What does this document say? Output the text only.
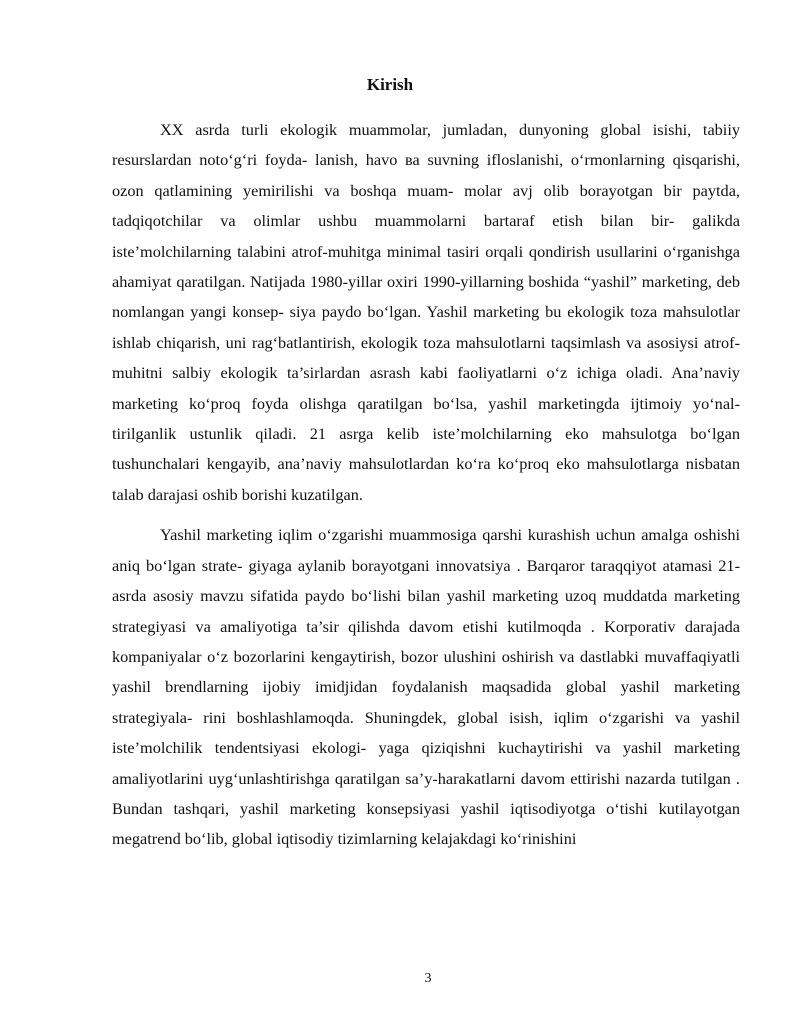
Kirish

XX asrda turli ekologik muammolar, jumladan, dunyoning global isishi, tabiiy resurslardan noto‘g‘ri foyda- lanish, havo ва suvning ifloslanishi, o‘rmonlarning qisqarishi, ozon qatlamining yemirilishi va boshqa muam- molar avj olib borayotgan bir paytda, tadqiqotchilar va olimlar ushbu muammolarni bartaraf etish bilan bir- galikda iste’molchilarning talabini atrof-muhitga minimal tasiri orqali qondirish usullarini o‘rganishga ahamiyat qaratilgan. Natijada 1980-yillar oxiri 1990-yillarning boshida “yashil” marketing, deb nomlangan yangi konsep- siya paydo bo‘lgan. Yashil marketing bu ekologik toza mahsulotlar ishlab chiqarish, uni rag‘batlantirish, ekologik toza mahsulotlarni taqsimlash va asosiysi atrof-muhitni salbiy ekologik ta’sirlardan asrash kabi faoliyatlarni o‘z ichiga oladi. Ana’naviy marketing ko‘proq foyda olishga qaratilgan bo‘lsa, yashil marketingda ijtimoiy yo‘nal- tirilganlik ustunlik qiladi. 21 asrga kelib iste’molchilarning eko mahsulotga bo‘lgan tushunchalari kengayib, ana’naviy mahsulotlardan ko‘ra ko‘proq eko mahsulotlarga nisbatan talab darajasi oshib borishi kuzatilgan.

Yashil marketing iqlim o‘zgarishi muammosiga qarshi kurashish uchun amalga oshishi aniq bo‘lgan strate- giyaga aylanib borayotgani innovatsiya . Barqaror taraqqiyot atamasi 21-asrda asosiy mavzu sifatida paydo bo‘lishi bilan yashil marketing uzoq muddatda marketing strategiyasi va amaliyotiga ta’sir qilishda davom etishi kutilmoqda . Korporativ darajada kompaniyalar o‘z bozorlarini kengaytirish, bozor ulushini oshirish va dastlabki muvaffaqiyatli yashil brendlarning ijobiy imidjidan foydalanish maqsadida global yashil marketing strategiyala- rini boshlashlamoqda. Shuningdek, global isish, iqlim o‘zgarishi va yashil iste’molchilik tendentsiyasi ekologi- yaga qiziqishni kuchaytirishi va yashil marketing amaliyotlarini uyg‘unlashtirishga qaratilgan sa’y-harakatlarni davom ettirishi nazarda tutilgan . Bundan tashqari, yashil marketing konsepsiyasi yashil iqtisodiyotga o‘tishi kutilayotgan megatrend bo‘lib, global iqtisodiy tizimlarning kelajakdagi ko‘rinishini

3
